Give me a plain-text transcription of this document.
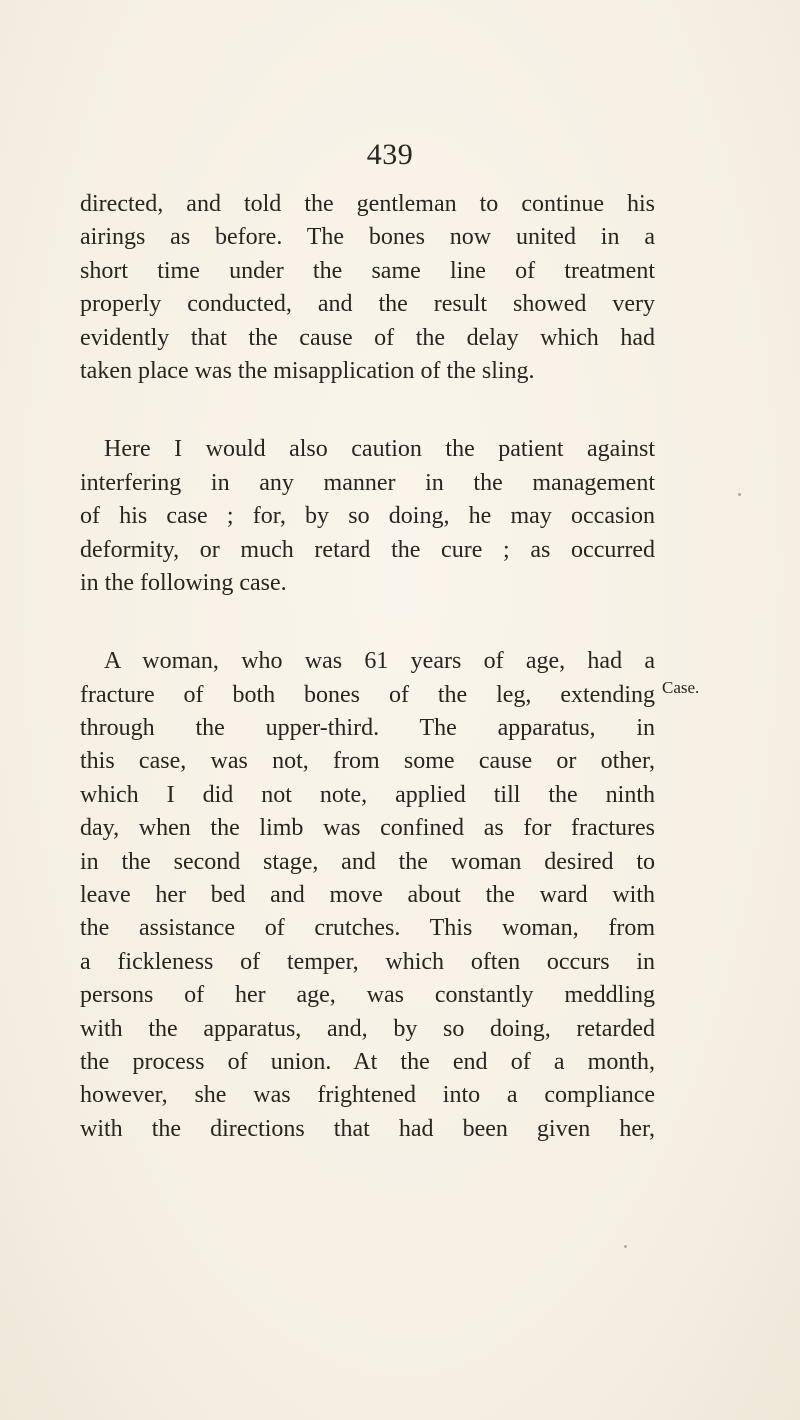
439
directed, and told the gentleman to continue his
airings as before. The bones now united in a
short time under the same line of treatment
properly conducted, and the result showed very
evidently that the cause of the delay which had
taken place was the misapplication of the sling.
Here I would also caution the patient against
interfering in any manner in the management
of his case ; for, by so doing, he may occasion
deformity, or much retard the cure ; as occurred
in the following case.
A woman, who was 61 years of age, had a
fracture of both bones of the leg, extending
through the upper-third. The apparatus, in
this case, was not, from some cause or other,
which I did not note, applied till the ninth
day, when the limb was confined as for fractures
in the second stage, and the woman desired to
leave her bed and move about the ward with
the assistance of crutches. This woman, from
a fickleness of temper, which often occurs in
persons of her age, was constantly meddling
with the apparatus, and, by so doing, retarded
the process of union. At the end of a month,
however, she was frightened into a compliance
with the directions that had been given her,
Case.
